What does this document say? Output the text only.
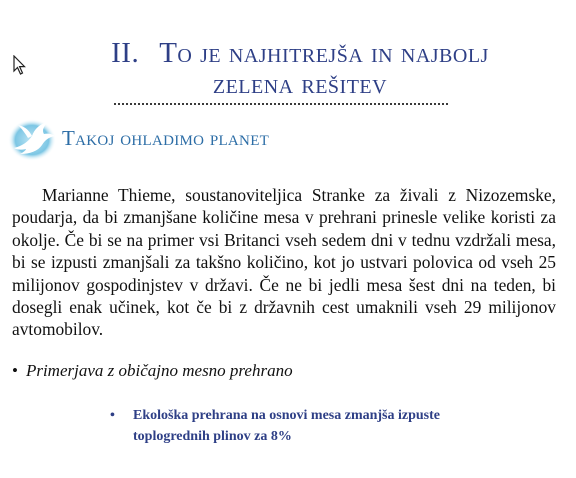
II. To je najhitrejša in najbolj
zelena rešitev
Takoj ohladimo planet

Marianne Thieme, soustanoviteljica Stranke za živali z Nizozemske, poudarja, da bi zmanjšane količine mesa v prehrani prinesle velike koristi za okolje. Če bi se na primer vsi Britanci vseh sedem dni v tednu vzdržali mesa, bi se izpusti zmanjšali za takšno količino, kot jo ustvari polovica od vseh 25 milijonov gospodinjstev v državi. Če ne bi jedli mesa šest dni na teden, bi dosegli enak učinek, kot če bi z državnih cest umaknili vseh 29 milijonov avtomobilov.

• Primerjava z običajno mesno prehrano
• Ekološka prehrana na osnovi mesa zmanjša izpuste toplogrednih plinov za 8%
